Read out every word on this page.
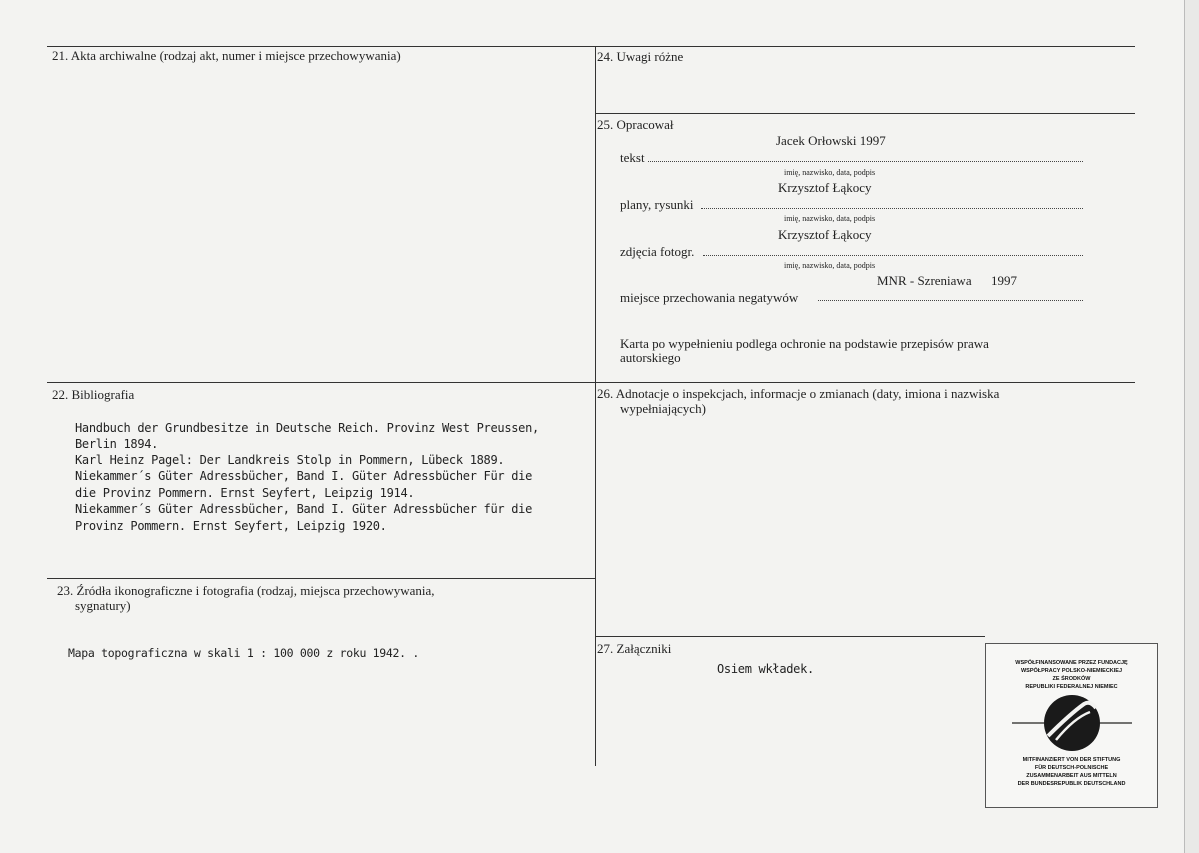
21. Akta archiwalne (rodzaj akt, numer i miejsce przechowywania)	24. Uwagi różne
25. Opracował
Jacek Orłowski 1997
tekst
imię, nazwisko, data, podpis
Krzysztof Łąkocy
plany, rysunki
imię, nazwisko, data, podpis
Krzysztof Łąkocy
zdjęcia fotogr.
imię, nazwisko, data, podpis
MNR - Szreniawa 1997
miejsce przechowania negatywów
Karta po wypełnieniu podlega ochronie na podstawie przepisów prawa
autorskiego
22. Bibliografia
Handbuch der Grundbesitze in Deutsche Reich. Provinz West Preussen,
Berlin 1894.
Karl Heinz Pagel: Der Landkreis Stolp in Pommern, Lübeck 1889.
Niekammer´s Güter Adressbücher, Band I. Güter Adressbücher Für die
die Provinz Pommern. Ernst Seyfert, Leipzig 1914.
Niekammer´s Güter Adressbücher, Band I. Güter Adressbücher für die
Provinz Pommern. Ernst Seyfert, Leipzig 1920.
26. Adnotacje o inspekcjach, informacje o zmianach (daty, imiona i nazwiska
wypełniających)
23. Źródła ikonograficzne i fotografia (rodzaj, miejsca przechowywania,
sygnatury)
Mapa topograficzna w skali 1 : 100 000 z roku 1942. .	27. Załączniki
Osiem wkładek.	WSPÓŁFINANSOWANE PRZEZ FUNDACJĘ
WSPÓŁPRACY POLSKO-NIEMIECKIEJ
ZE ŚRODKÓW
REPUBLIKI FEDERALNEJ NIEMIEC
MITFINANZIERT VON DER STIFTUNG
FÜR DEUTSCH-POLNISCHE
ZUSAMMENARBEIT AUS MITTELN
DER BUNDESREPUBLIK DEUTSCHLAND
